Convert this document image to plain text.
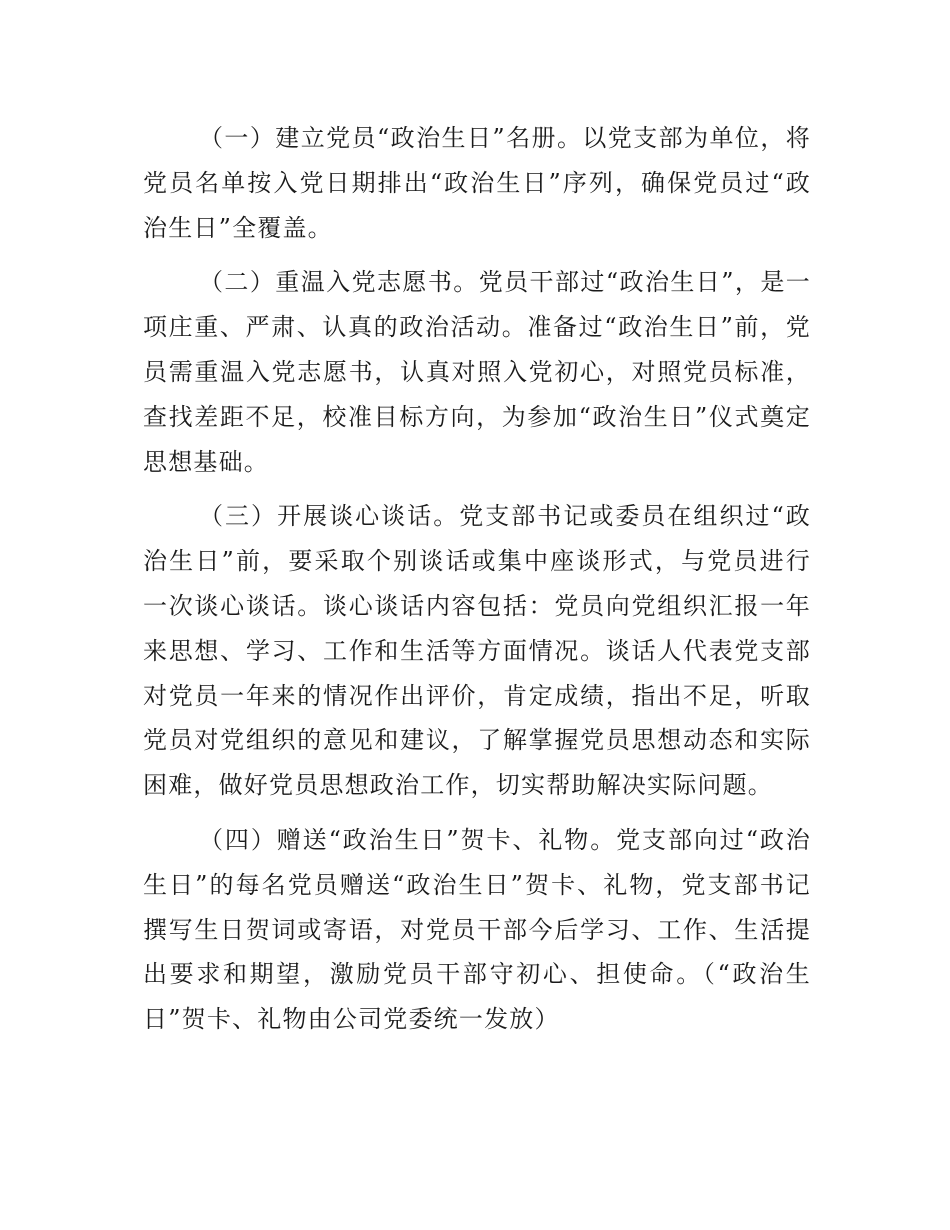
（一）建立党员“政治生日”名册。以党支部为单位，将党员名单按入党日期排出“政治生日”序列，确保党员过“政治生日”全覆盖。

（二）重温入党志愿书。党员干部过“政治生日”，是一项庄重、严肃、认真的政治活动。准备过“政治生日”前，党员需重温入党志愿书，认真对照入党初心，对照党员标准，查找差距不足，校准目标方向，为参加“政治生日”仪式奠定思想基础。

（三）开展谈心谈话。党支部书记或委员在组织过“政治生日”前，要采取个别谈话或集中座谈形式，与党员进行一次谈心谈话。谈心谈话内容包括：党员向党组织汇报一年来思想、学习、工作和生活等方面情况。谈话人代表党支部对党员一年来的情况作出评价，肯定成绩，指出不足，听取党员对党组织的意见和建议，了解掌握党员思想动态和实际困难，做好党员思想政治工作，切实帮助解决实际问题。

（四）赠送“政治生日”贺卡、礼物。党支部向过“政治生日”的每名党员赠送“政治生日”贺卡、礼物，党支部书记撰写生日贺词或寄语，对党员干部今后学习、工作、生活提出要求和期望，激励党员干部守初心、担使命。（“政治生日”贺卡、礼物由公司党委统一发放）
